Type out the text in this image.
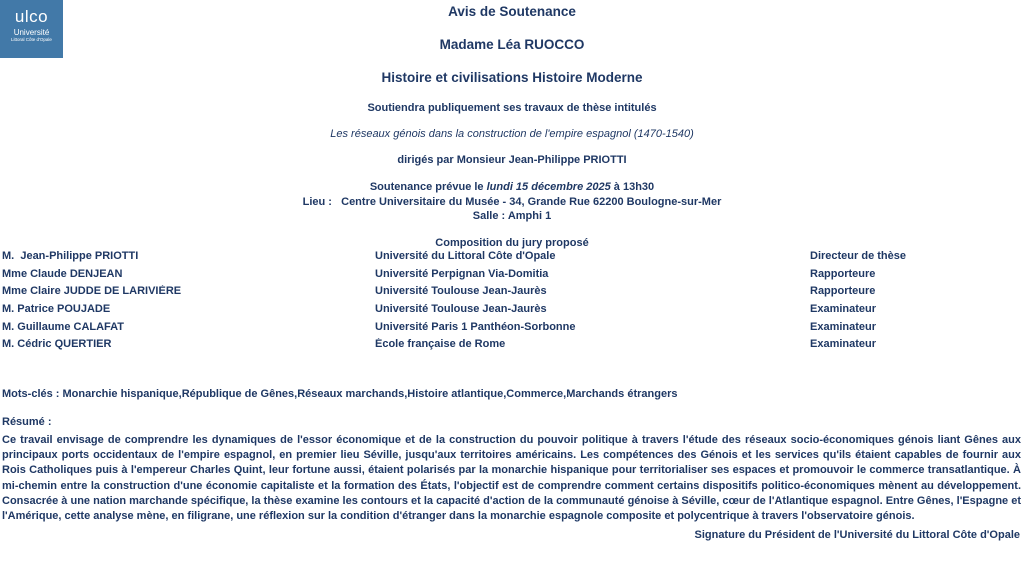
ulco
Université
Littoral Côte d'Opale
Avis de Soutenance
Madame Léa RUOCCO
Histoire et civilisations Histoire Moderne
Soutiendra publiquement ses travaux de thèse intitulés
Les réseaux génois dans la construction de l'empire espagnol (1470-1540)
dirigés par Monsieur Jean-Philippe PRIOTTI
Soutenance prévue le lundi 15 décembre 2025 à 13h30
Lieu :   Centre Universitaire du Musée - 34, Grande Rue 62200 Boulogne-sur-Mer
Salle : Amphi 1
Composition du jury proposé
M.  Jean-Philippe PRIOTTI	Université du Littoral Côte d'Opale	Directeur de thèse
Mme Claude DENJEAN	Université Perpignan Via-Domitia	Rapporteure
Mme Claire JUDDE DE LARIVIÈRE	Université Toulouse Jean-Jaurès	Rapporteure
M. Patrice POUJADE	Université Toulouse Jean-Jaurès	Examinateur
M. Guillaume CALAFAT	Université Paris 1 Panthéon-Sorbonne	Examinateur
M. Cédric QUERTIER	École française de Rome	Examinateur
Mots-clés : Monarchie hispanique,République de Gênes,Réseaux marchands,Histoire atlantique,Commerce,Marchands étrangers
Résumé :
Ce travail envisage de comprendre les dynamiques de l'essor économique et de la construction du pouvoir politique à travers l'étude des réseaux socio-économiques génois liant Gênes aux principaux ports occidentaux de l'empire espagnol, en premier lieu Séville, jusqu'aux territoires américains. Les compétences des Génois et les services qu'ils étaient capables de fournir aux Rois Catholiques puis à l'empereur Charles Quint, leur fortune aussi, étaient polarisés par la monarchie hispanique pour territorialiser ses espaces et promouvoir le commerce transatlantique. À mi-chemin entre la construction d'une économie capitaliste et la formation des États, l'objectif est de comprendre comment certains dispositifs politico-économiques mènent au développement. Consacrée à une nation marchande spécifique, la thèse examine les contours et la capacité d'action de la communauté génoise à Séville, cœur de l'Atlantique espagnol. Entre Gênes, l'Espagne et l'Amérique, cette analyse mène, en filigrane, une réflexion sur la condition d'étranger dans la monarchie espagnole composite et polycentrique à travers l'observatoire génois.
Signature du Président de l'Université du Littoral Côte d'Opale
